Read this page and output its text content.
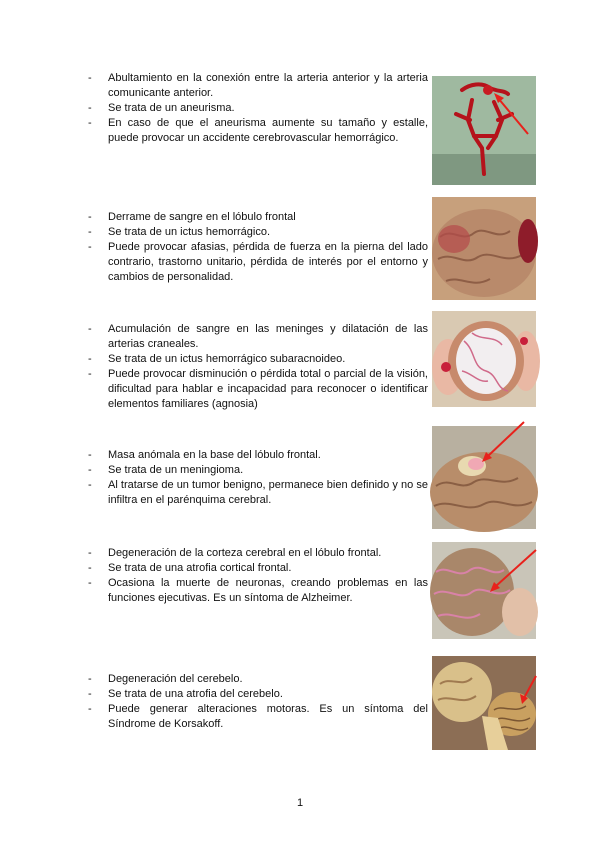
- Abultamiento en la conexión entre la arteria anterior y la arteria comunicante anterior.
- Se trata de un aneurisma.
- En caso de que el aneurisma aumente su tamaño y estalle, puede provocar un accidente cerebrovascular hemorrágico.
- Derrame de sangre en el lóbulo frontal
- Se trata de un ictus hemorrágico.
- Puede provocar afasias, pérdida de fuerza en la pierna del lado contrario, trastorno unitario, pérdida de interés por el entorno y cambios de personalidad.
- Acumulación de sangre en las meninges y dilatación de las arterias craneales.
- Se trata de un ictus hemorrágico subaracnoideo.
- Puede provocar disminución o pérdida total o parcial de la visión, dificultad para hablar e incapacidad para reconocer o identificar elementos familiares (agnosia)
- Masa anómala en la base del lóbulo frontal.
- Se trata de un meningioma.
- Al tratarse de un tumor benigno, permanece bien definido y no se infiltra en el parénquima cerebral.
- Degeneración de la corteza cerebral en el lóbulo frontal.
- Se trata de una atrofia cortical frontal.
- Ocasiona la muerte de neuronas, creando problemas en las funciones ejecutivas. Es un síntoma de Alzheimer.
- Degeneración del cerebelo.
- Se trata de una atrofia del cerebelo.
- Puede generar alteraciones motoras. Es un síntoma del Síndrome de Korsakoff.
1
